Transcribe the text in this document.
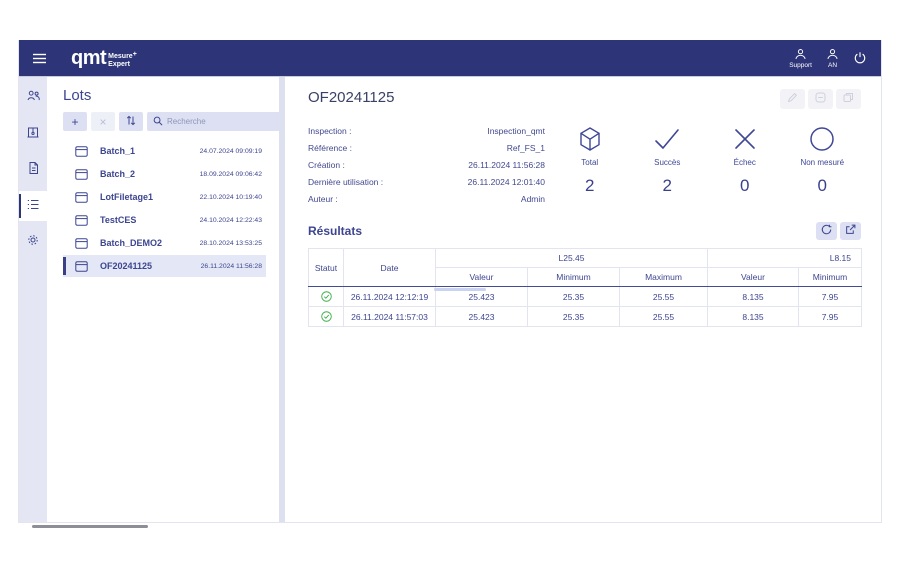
qmt Mesure+
Expert	Support AN
Lots
+	×
Recherche
Batch_1	24.07.2024 09:09:19
Batch_2	18.09.2024 09:06:42
LotFiletage1	22.10.2024 10:19:40
TestCES	24.10.2024 12:22:43
Batch_DEMO2	28.10.2024 13:53:25
OF20241125	26.11.2024 11:56:28
OF20241125
Inspection :	Inspection_qmt
Référence :	Ref_FS_1
Création :	26.11.2024 11:56:28
Dernière utilisation :	26.11.2024 12:01:40
Auteur :	Admin
Total
2
Succès
2
Échec
0
Non mesuré
0
Résultats
Statut	Date	L25.45			L8.15	
		Valeur	Minimum	Maximum	Valeur	Minimum

	26.11.2024 12:12:19	25.423	25.35	25.55	8.135	7.95

	26.11.2024 11:57:03	25.423	25.35	25.55	8.135	7.95
